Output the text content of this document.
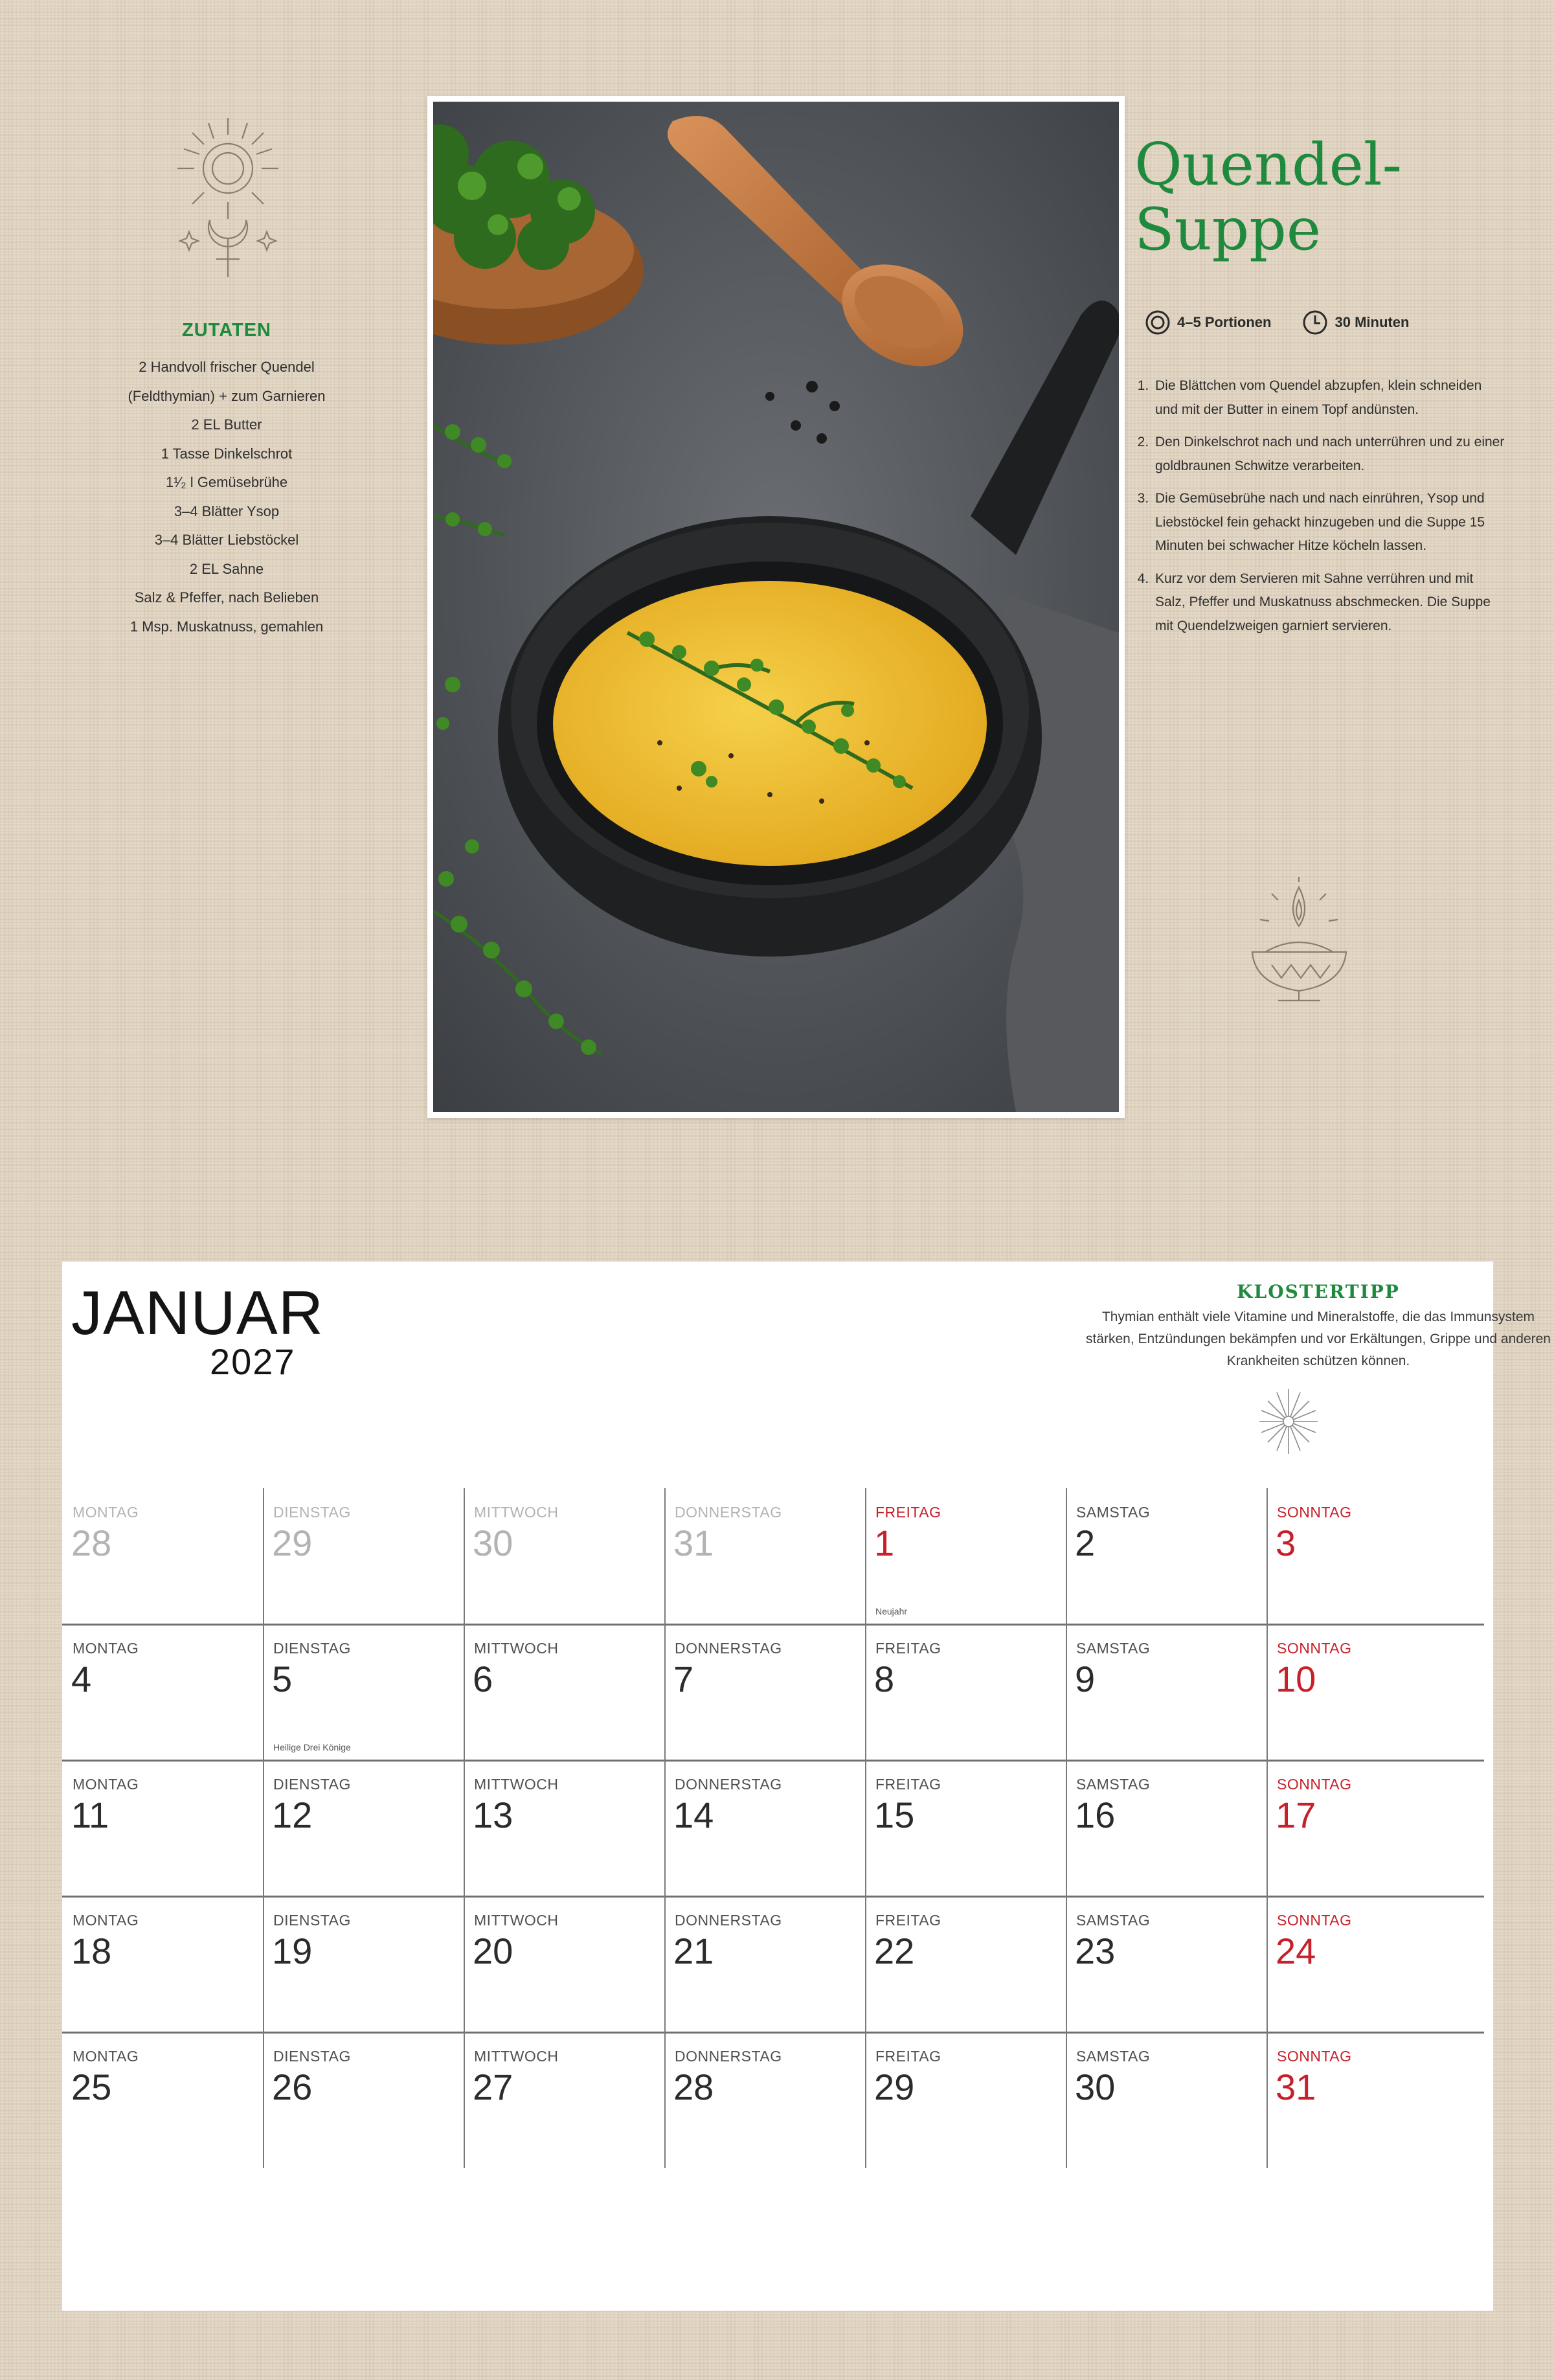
ZUTATEN
2 Handvoll frischer Quendel
(Feldthymian) + zum Garnieren
2 EL Butter
1 Tasse Dinkelschrot
1¹⁄₂ l Gemüsebrühe
3–4 Blätter Ysop
3–4 Blätter Liebstöckel
2 EL Sahne
Salz & Pfeffer, nach Belieben
1 Msp. Muskatnuss, gemahlen
Quendel-
Suppe
4–5 Portionen	30 Minuten
1. Die Blättchen vom Quendel abzupfen, klein schneiden und mit der Butter in einem Topf andünsten.
2. Den Dinkelschrot nach und nach unterrühren und zu einer goldbraunen Schwitze verarbeiten.
3. Die Gemüsebrühe nach und nach einrühren, Ysop und Liebstöckel fein gehackt hinzugeben und die Suppe 15 Minuten bei schwacher Hitze köcheln lassen.
4. Kurz vor dem Servieren mit Sahne verrühren und mit Salz, Pfeffer und Muskatnuss abschmecken. Die Suppe mit Quendelzweigen garniert servieren.
JANUAR
2027
KLOSTERTIPP

Thymian enthält viele Vitamine und Mineralstoffe, die das Immunsystem stärken, Entzündungen bekämpfen und vor Erkältungen, Grippe und anderen Krankheiten schützen können.

MONTAG
28
DIENSTAG
29
MITTWOCH
30
DONNERSTAG
31
FREITAG
1
Neujahr
SAMSTAG
2
SONNTAG
3
MONTAG
4
DIENSTAG
5
Heilige Drei Könige
MITTWOCH
6
DONNERSTAG
7
FREITAG
8
SAMSTAG
9
SONNTAG
10
MONTAG
11
DIENSTAG
12
MITTWOCH
13
DONNERSTAG
14
FREITAG
15
SAMSTAG
16
SONNTAG
17
MONTAG
18
DIENSTAG
19
MITTWOCH
20
DONNERSTAG
21
FREITAG
22
SAMSTAG
23
SONNTAG
24
MONTAG
25
DIENSTAG
26
MITTWOCH
27
DONNERSTAG
28
FREITAG
29
SAMSTAG
30
SONNTAG
31
